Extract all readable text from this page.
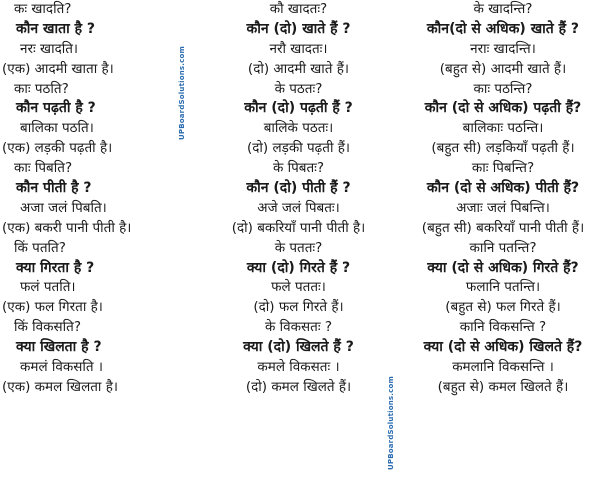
कः खादति?
कौन खाता है ?
नरः खादति।
(एक) आदमी खाता है।
काः पठति?
कौन पढ़ती है ?
बालिका पठति।
(एक) लड़की पढ़ती है।
काः पिबति?
कौन पीती है ?
अजा जलं पिबति।
(एक) बकरी पानी पीती है।
किं पतति?
क्या गिरता है ?
फलं पतति।
(एक) फल गिरता है।
किं विकसति?
क्या खिलता है ?
कमलं विकसति ।
(एक) कमल खिलता है।
कौ खादतः?
कौन (दो) खाते हैं ?
नरौ खादतः।
(दो) आदमी खाते हैं।
के पठतः?
कौन (दो) पढ़ती हैं ?
बालिके पठतः।
(दो) लड़की पढ़ती हैं।
के पिबतः?
कौन (दो) पीती हैं ?
अजे जलं पिबतः।
(दो) बकरियाँ पानी पीती है।
के पततः?
क्या (दो) गिरते हैं ?
फले पततः।
(दो) फल गिरते हैं।
के विकसतः ?
क्या (दो) खिलते हैं ?
कमले विकसतः ।
(दो) कमल खिलते हैं।
के खादन्ति?
कौन(दो से अधिक) खाते हैं ?
नराः खादन्ति।
(बहुत से) आदमी खाते हैं।
काः पठन्ति?
कौन (दो से अधिक) पढ़ती हैं?
बालिकाः पठन्ति।
(बहुत सी) लड़कियाँ पढ़ती हैं।
काः पिबन्ति?
कौन (दो से अधिक) पीती हैं?
अजाः जलं पिबन्ति।
(बहुत सी) बकरियाँ पानी पीती हैं।
कानि पतन्ति?
क्या (दो से अधिक) गिरते हैं?
फलानि पतन्ति।
(बहुत से) फल गिरते हैं।
कानि विकसन्ति ?
क्या (दो से अधिक) खिलते हैं?
कमलानि विकसन्ति ।
(बहुत से) कमल खिलते हैं।
UPBoardSolutions.com
UPBoardSolutions.com
